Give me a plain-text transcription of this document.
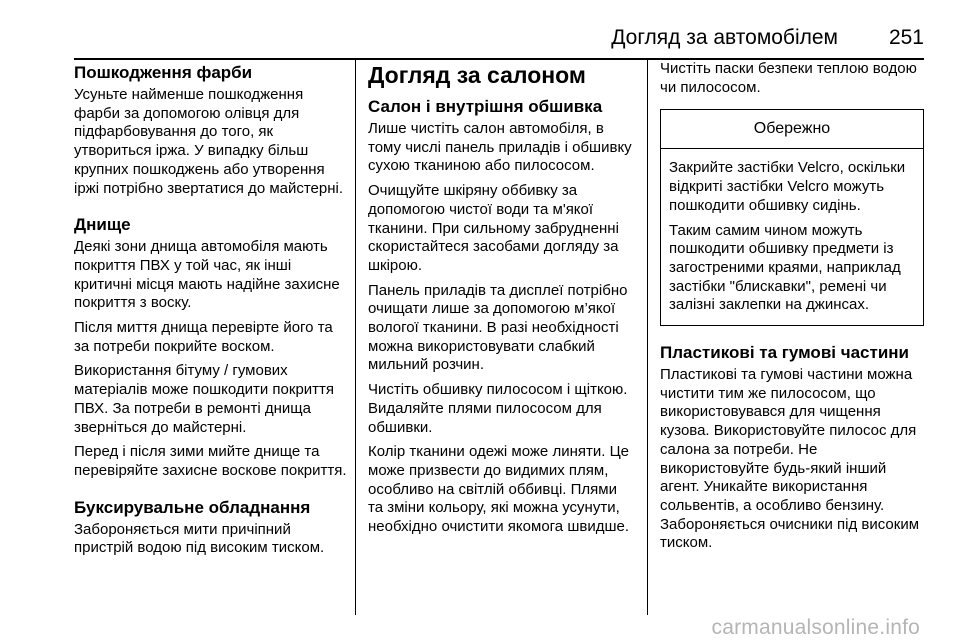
Догляд за автомобілем 251
Пошкодження фарби

Усуньте найменше пошкодження фарби за допомогою олівця для підфарбовування до того, як утвориться іржа. У випадку більш крупних пошкоджень або утворення іржі потрібно звертатися до майстерні.

Днище

Деякі зони днища автомобіля мають покриття ПВХ у той час, як інші критичні місця мають надійне захисне покриття з воску.

Після миття днища перевірте його та за потреби покрийте воском.

Використання бітуму / гумових матеріалів може пошкодити покриття ПВХ. За потреби в ремонті днища зверніться до майстерні.

Перед і після зими мийте днище та перевіряйте захисне воскове покриття.

Буксирувальне обладнання

Забороняється мити причіпний пристрій водою під високим тиском.

Догляд за салоном
Салон і внутрішня обшивка

Лише чистіть салон автомобіля, в тому числі панель приладів і обшивку сухою тканиною або пилососом.

Очищуйте шкіряну оббивку за допомогою чистої води та м'якої тканини. При сильному забрудненні скористайтеся засобами догляду за шкірою.

Панель приладів та дисплеї потрібно очищати лише за допомогою м’якої вологої тканини. В разі необхідності можна використовувати слабкий мильний розчин.

Чистіть обшивку пилососом і щіткою. Видаляйте плями пилососом для обшивки.

Колір тканини одежі може линяти. Це може призвести до видимих плям, особливо на світлій оббивці. Плями та зміни кольору, які можна усунути, необхідно очистити якомога швидше.

Чистіть паски безпеки теплою водою чи пилососом.

Обережно

Закрийте застібки Velcro, оскільки відкриті застібки Velcro можуть пошкодити обшивку сидінь.

Таким самим чином можуть пошкодити обшивку предмети із загостреними краями, наприклад застібки "блискавки", ремені чи залізні заклепки на джинсах.

Пластикові та гумові частини

Пластикові та гумові частини можна чистити тим же пилососом, що використовувався для чищення кузова. Використовуйте пилосос для салона за потреби. Не використовуйте будь-який інший агент. Уникайте використання сольвентів, а особливо бензину. Забороняється очисники під високим тиском.

carmanualsonline.info
